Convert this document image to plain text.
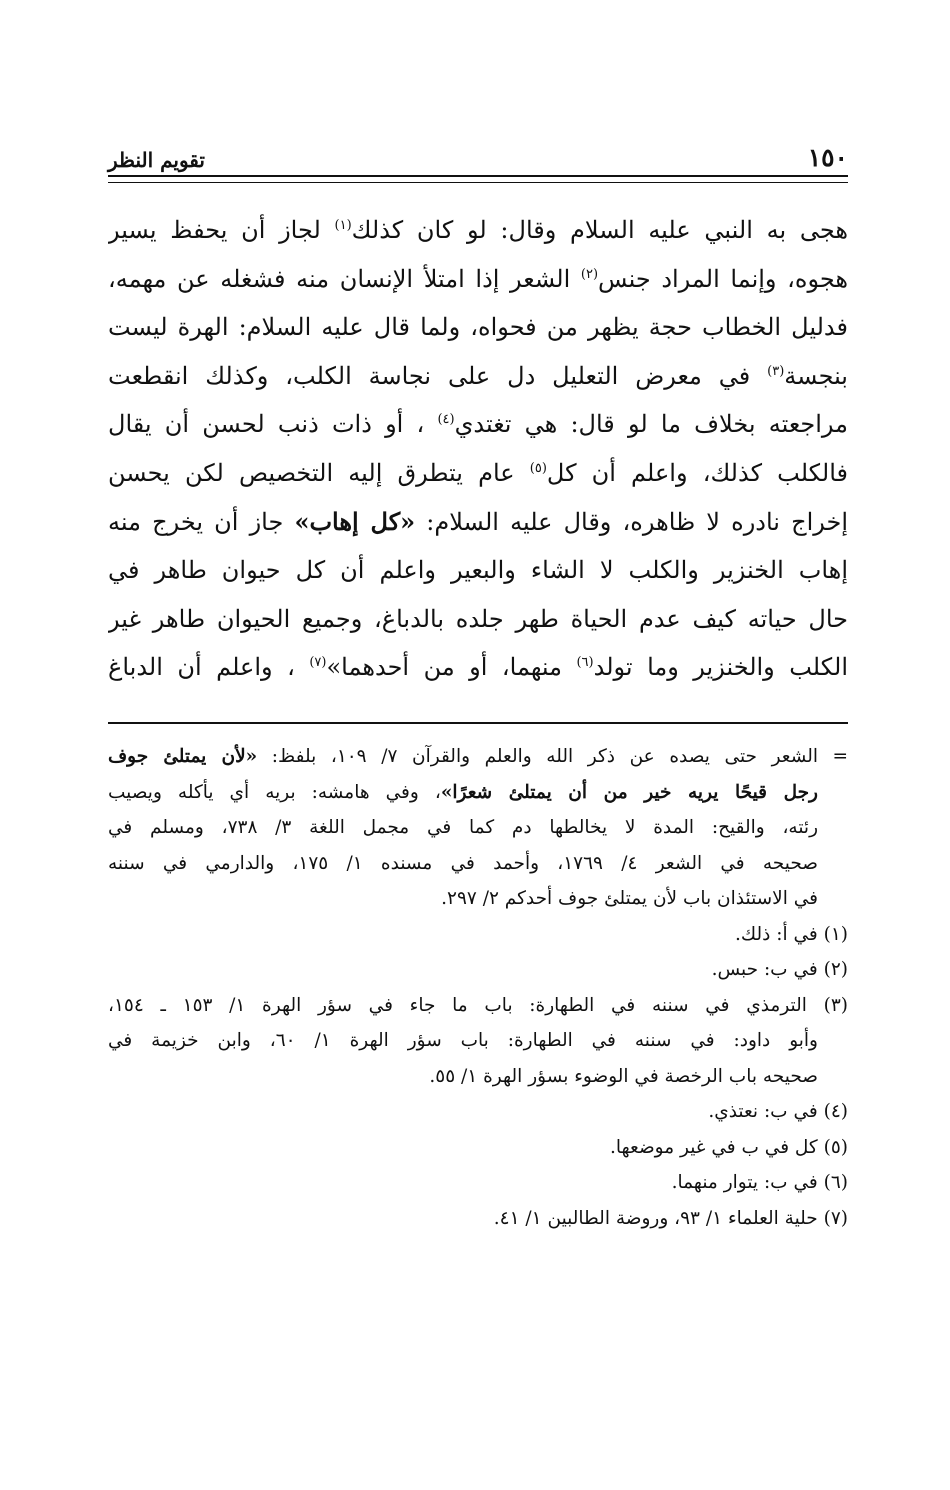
١٥٠
تقويم النظر
هجى به النبي عليه السلام وقال: لو كان كذلك$^{(١)}$ لجاز أن يحفظ يسير
هجوه، وإنما المراد جنس$^{(٢)}$ الشعر إذا امتلأ الإنسان منه فشغله عن مهمه،
فدليل الخطاب حجة يظهر من فحواه، ولما قال عليه السلام: الهرة ليست
بنجسة$^{(٣)}$ في معرض التعليل دل على نجاسة الكلب، وكذلك انقطعت
مراجعته بخلاف ما لو قال: هي تغتدي$^{(٤)}$ ، أو ذات ذنب لحسن أن يقال
فالكلب كذلك، واعلم أن كل$^{(٥)}$ عام يتطرق إليه التخصيص لكن يحسن
إخراج نادره لا ظاهره، وقال عليه السلام: «كل إهاب» جاز أن يخرج منه
إهاب الخنزير والكلب لا الشاء والبعير واعلم أن كل حيوان طاهر في
حال حياته كيف عدم الحياة طهر جلده بالدباغ، وجميع الحيوان طاهر غير
الكلب والخنزير وما تولد$^{(٦)}$ منهما، أو من أحدهما»$^{(٧)}$ ، واعلم أن الدباغ
=الشعر حتى يصده عن ذكر الله والعلم والقرآن ٧/ ١٠٩، بلفظ: «لأن يمتلئ جوف
رجل قيحًا يريه خير من أن يمتلئ شعرًا»، وفي هامشه: بريه أي يأكله ويصيب
رئته، والقيح: المدة لا يخالطها دم كما في مجمل اللغة ٣/ ٧٣٨، ومسلم في
صحيحه في الشعر ٤/ ١٧٦٩، وأحمد في مسنده ١/ ١٧٥، والدارمي في سننه
في الاستئذان باب لأن يمتلئ جوف أحدكم ٢/ ٢٩٧.
(١) في أ: ذلك.
(٢) في ب: حبس.
(٣) الترمذي في سننه في الطهارة: باب ما جاء في سؤر الهرة ١/ ١٥٣ ـ ١٥٤،
وأبو داود: في سننه في الطهارة: باب سؤر الهرة ١/ ٦٠، وابن خزيمة في
صحيحه باب الرخصة في الوضوء بسؤر الهرة ١/ ٥٥.
(٤) في ب: نعتذي.
(٥) كل في ب في غير موضعها.
(٦) في ب: يتوار منهما.
(٧) حلية العلماء ١/ ٩٣، وروضة الطالبين ١/ ٤١.
